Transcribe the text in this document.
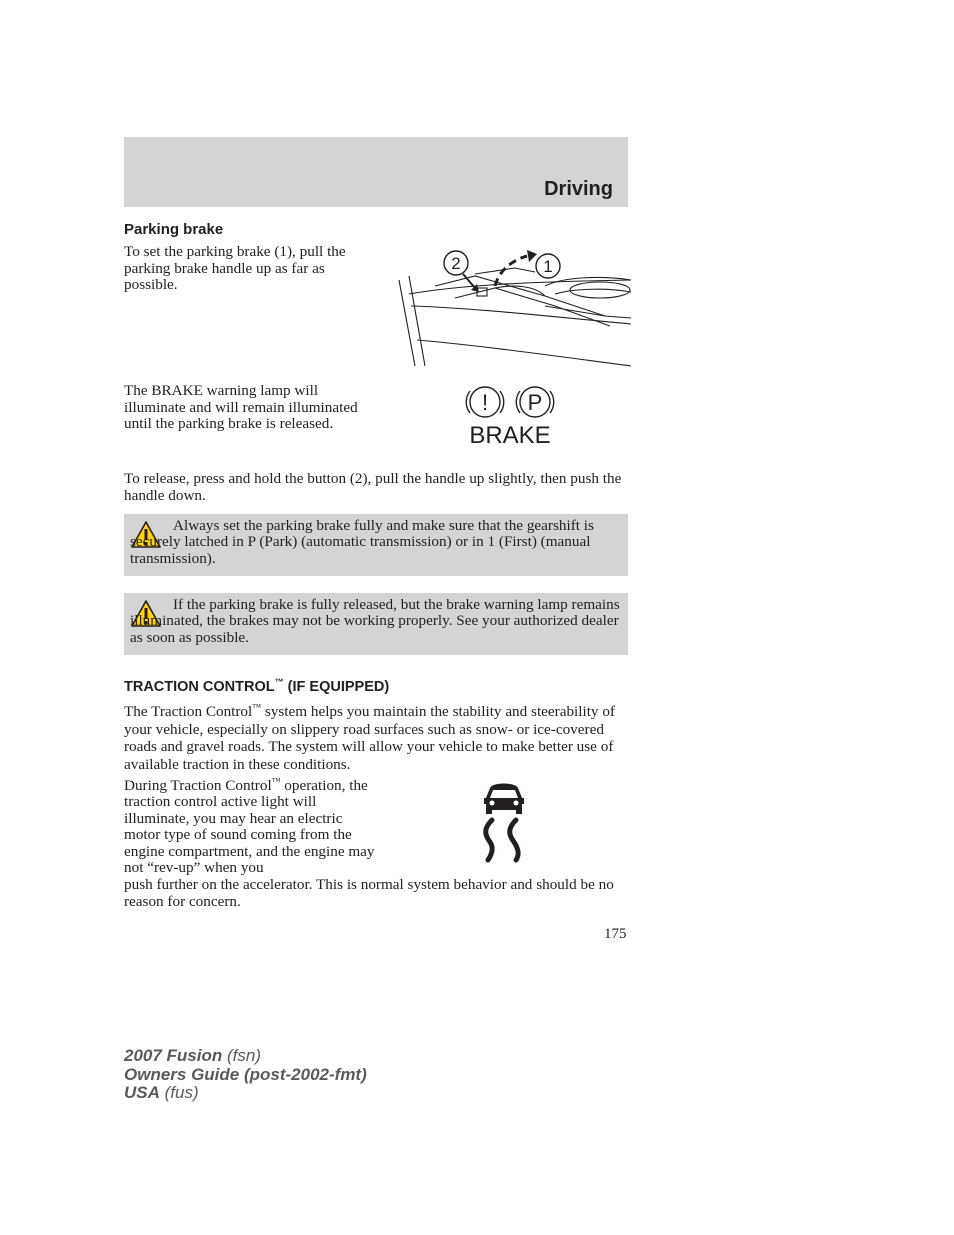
Driving
Parking brake
To set the parking brake (1), pull the parking brake handle up as far as possible.
2	1
The BRAKE warning lamp will illuminate and will remain illuminated until the parking brake is released.
! P
BRAKE
To release, press and hold the button (2), pull the handle up slightly, then push the handle down.
Always set the parking brake fully and make sure that the gearshift is securely latched in P (Park) (automatic transmission) or in 1 (First) (manual transmission).
If the parking brake is fully released, but the brake warning lamp remains illuminated, the brakes may not be working properly. See your authorized dealer as soon as possible.
TRACTION CONTROL™ (IF EQUIPPED)
The Traction Control™ system helps you maintain the stability and steerability of your vehicle, especially on slippery road surfaces such as snow- or ice-covered roads and gravel roads. The system will allow your vehicle to make better use of available traction in these conditions.
During Traction Control™ operation, the traction control active light will illuminate, you may hear an electric motor type of sound coming from the engine compartment, and the engine may not “rev-up” when you
push further on the accelerator. This is normal system behavior and should be no reason for concern.
175
2007 Fusion (fsn)
Owners Guide (post-2002-fmt)
USA (fus)
